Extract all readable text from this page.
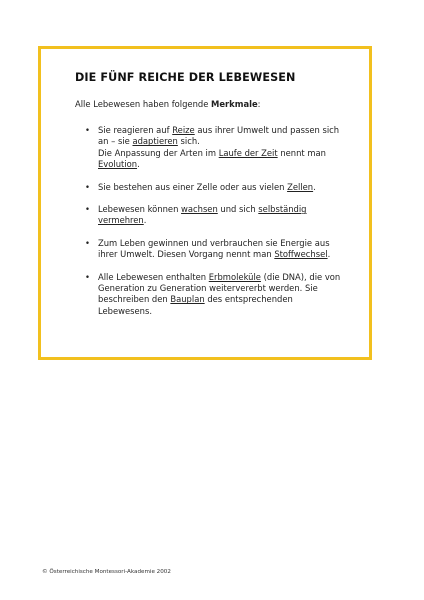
DIE FÜNF REICHE DER LEBEWESEN

Alle Lebewesen haben folgende Merkmale:

• Sie reagieren auf Reize aus ihrer Umwelt und passen sich an – sie adaptieren sich.
Die Anpassung der Arten im Laufe der Zeit nennt man Evolution.
• Sie bestehen aus einer Zelle oder aus vielen Zellen.
• Lebewesen können wachsen und sich selbständig vermehren.
• Zum Leben gewinnen und verbrauchen sie Energie aus ihrer Umwelt. Diesen Vorgang nennt man Stoffwechsel.
• Alle Lebewesen enthalten Erbmoleküle (die DNA), die von Generation zu Generation weitervererbt werden. Sie beschreiben den Bauplan des entsprechenden Lebewesens.
© Österreichische Montessori-Akademie 2002
